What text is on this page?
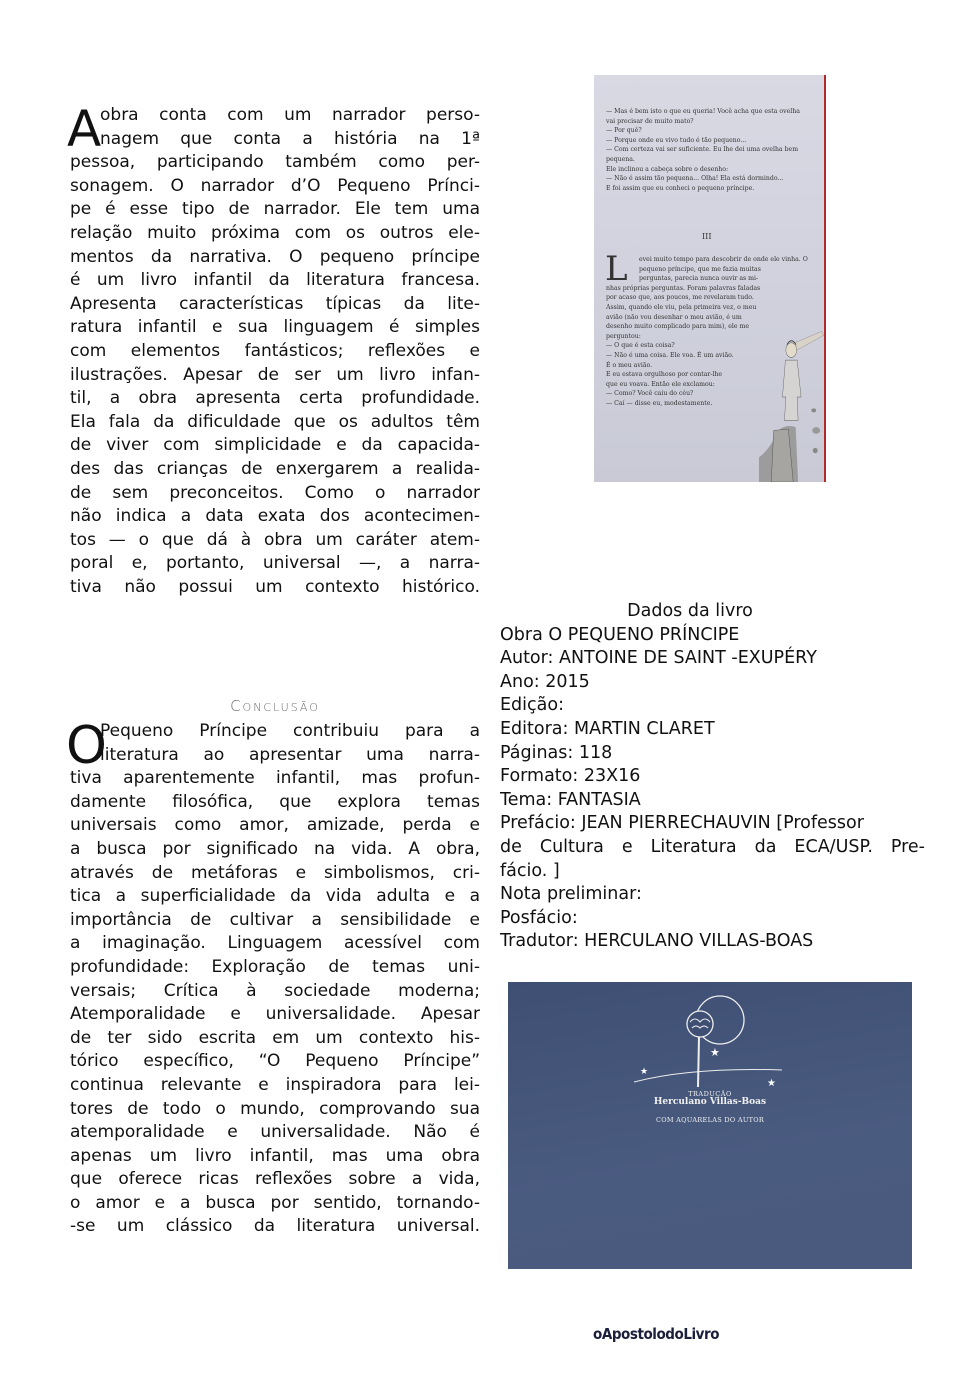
A
obra conta com um narrador perso-
nagem que conta a história na 1ª
pessoa, participando também como per-
sonagem. O narrador d’O Pequeno Prínci-
pe é esse tipo de narrador. Ele tem uma
relação muito próxima com os outros ele-
mentos da narrativa. O pequeno príncipe
é um livro infantil da literatura francesa.
Apresenta características típicas da lite-
ratura infantil e sua linguagem é simples
com elementos fantásticos; reflexões e
ilustrações. Apesar de ser um livro infan-
til, a obra apresenta certa profundidade.
Ela fala da dificuldade que os adultos têm
de viver com simplicidade e da capacida-
des das crianças de enxergarem a realida-
de sem preconceitos. Como o narrador
não indica a data exata dos acontecimen-
tos — o que dá à obra um caráter atem-
poral e, portanto, universal —, a narra-
tiva não possui um contexto histórico.
Conclusão
O
Pequeno Príncipe contribuiu para a
literatura ao apresentar uma narra-
tiva aparentemente infantil, mas profun-
damente filosófica, que explora temas
universais como amor, amizade, perda e
a busca por significado na vida. A obra,
através de metáforas e simbolismos, cri-
tica a superficialidade da vida adulta e a
importância de cultivar a sensibilidade e
a imaginação. Linguagem acessível com
profundidade: Exploração de temas uni-
versais; Crítica à sociedade moderna;
Atemporalidade e universalidade. Apesar
de ter sido escrita em um contexto his-
tórico específico, “O Pequeno Príncipe”
continua relevante e inspiradora para lei-
tores de todo o mundo, comprovando sua
atemporalidade e universalidade. Não é
apenas um livro infantil, mas uma obra
que oferece ricas reflexões sobre a vida,
o amor e a busca por sentido, tornando-
-se um clássico da literatura universal.
Dados da livro
Obra O PEQUENO PRÍNCIPE
Autor: ANTOINE DE SAINT -EXUPÉRY
Ano: 2015
Edição:
Editora: MARTIN CLARET
Páginas: 118
Formato: 23X16
Tema: FANTASIA
Prefácio: JEAN PIERRECHAUVIN [Professor
de Cultura e Literatura da ECA/USP. Pre-
fácio. ]
Nota preliminar:
Posfácio:
Tradutor: HERCULANO VILLAS-BOAS
— Mas é bem isto o que eu queria! Você acha que esta ovelha
vai precisar de muito mato?
— Por quê?
— Porque onde eu vivo tudo é tão pequeno...
— Com certeza vai ser suficiente. Eu lhe dei uma ovelha bem
pequena.
Ele inclinou a cabeça sobre o desenho:
— Não é assim tão pequena... Olha! Ela está dormindo...
E foi assim que eu conheci o pequeno príncipe.
III
L evei muito tempo para descobrir de onde ele vinha. O
pequeno príncipe, que me fazia muitas
perguntas, parecia nunca ouvir as mi-
nhas próprias perguntas. Foram palavras faladas
por acaso que, aos poucos, me revelaram tudo.
Assim, quando ele viu, pela primeira vez, o meu
avião (não vou desenhar o meu avião, é um
desenho muito complicado para mim), ele me
perguntou:
— O que é esta coisa?
— Não é uma coisa. Ele voa. É um avião.
É o meu avião.
E eu estava orgulhoso por contar-lhe
que eu voava. Então ele exclamou:
— Como? Você caiu do céu?
— Caí — disse eu, modestamente.
★
★
★
TRADUÇÃO
Herculano Villas-Boas
COM AQUARELAS DO AUTOR
oApostolodoLivro
